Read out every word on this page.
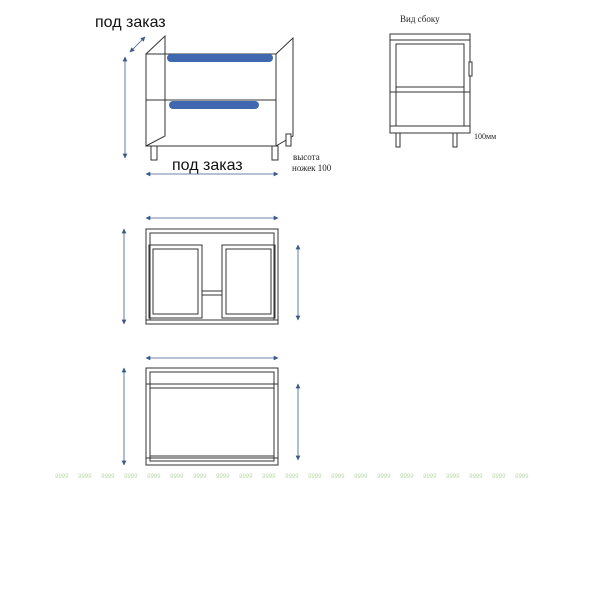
под заказ
под заказ	высота
ножек 100
Вид сбоку
100мм
9999 9999 9999 9999 9999 9999 9999 9999 9999 9999 9999 9999 9999 9999 9999 9999 9999 9999 9999 9999 9999
